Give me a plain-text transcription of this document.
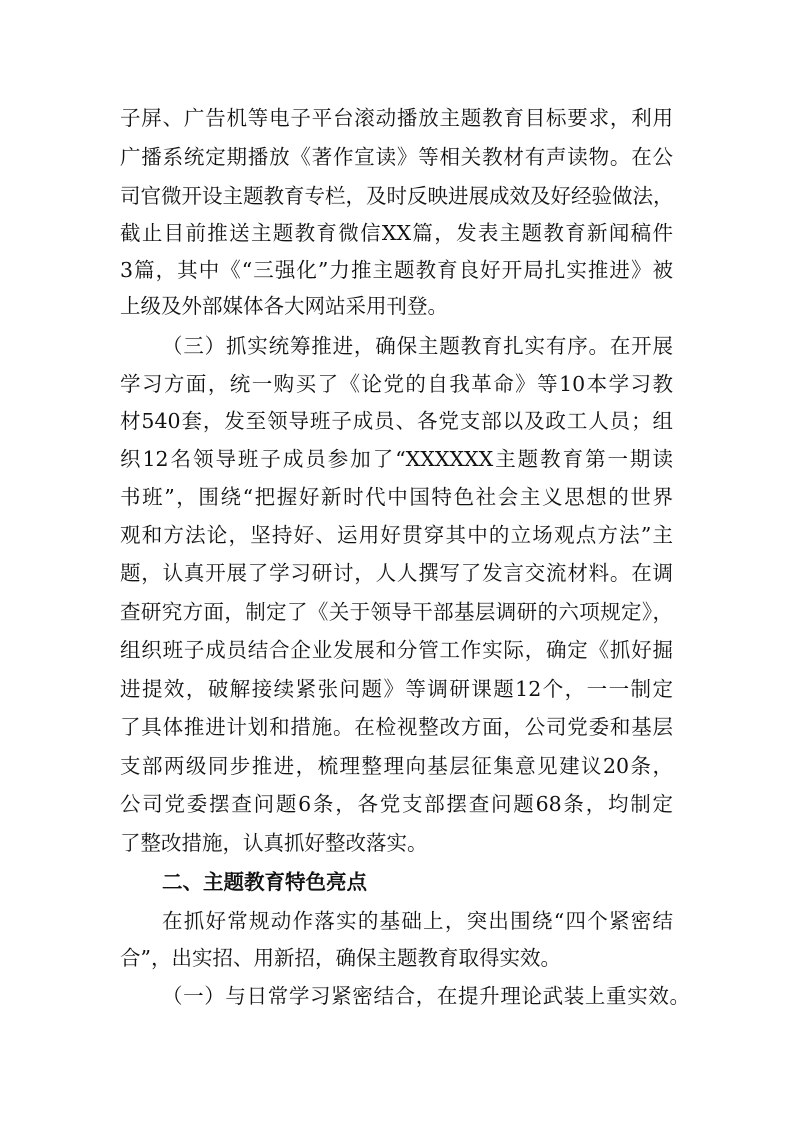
子屏、广告机等电子平台滚动播放主题教育目标要求，利用
广播系统定期播放《著作宣读》等相关教材有声读物。在公
司官微开设主题教育专栏，及时反映进展成效及好经验做法，
截止目前推送主题教育微信XX篇，发表主题教育新闻稿件
3篇，其中《“三强化”力推主题教育良好开局扎实推进》被
上级及外部媒体各大网站采用刊登。
（三）抓实统筹推进，确保主题教育扎实有序。在开展
学习方面，统一购买了《论党的自我革命》等10本学习教
材540套，发至领导班子成员、各党支部以及政工人员；组
织12名领导班子成员参加了“XXXXXX主题教育第一期读
书班”，围绕“把握好新时代中国特色社会主义思想的世界
观和方法论，坚持好、运用好贯穿其中的立场观点方法”主
题，认真开展了学习研讨，人人撰写了发言交流材料。在调
查研究方面，制定了《关于领导干部基层调研的六项规定》，
组织班子成员结合企业发展和分管工作实际，确定《抓好掘
进提效，破解接续紧张问题》等调研课题12个，一一制定
了具体推进计划和措施。在检视整改方面，公司党委和基层
支部两级同步推进，梳理整理向基层征集意见建议20条，
公司党委摆查问题6条，各党支部摆查问题68条，均制定
了整改措施，认真抓好整改落实。
二、主题教育特色亮点
在抓好常规动作落实的基础上，突出围绕“四个紧密结
合”，出实招、用新招，确保主题教育取得实效。
（一）与日常学习紧密结合，在提升理论武装上重实效。
